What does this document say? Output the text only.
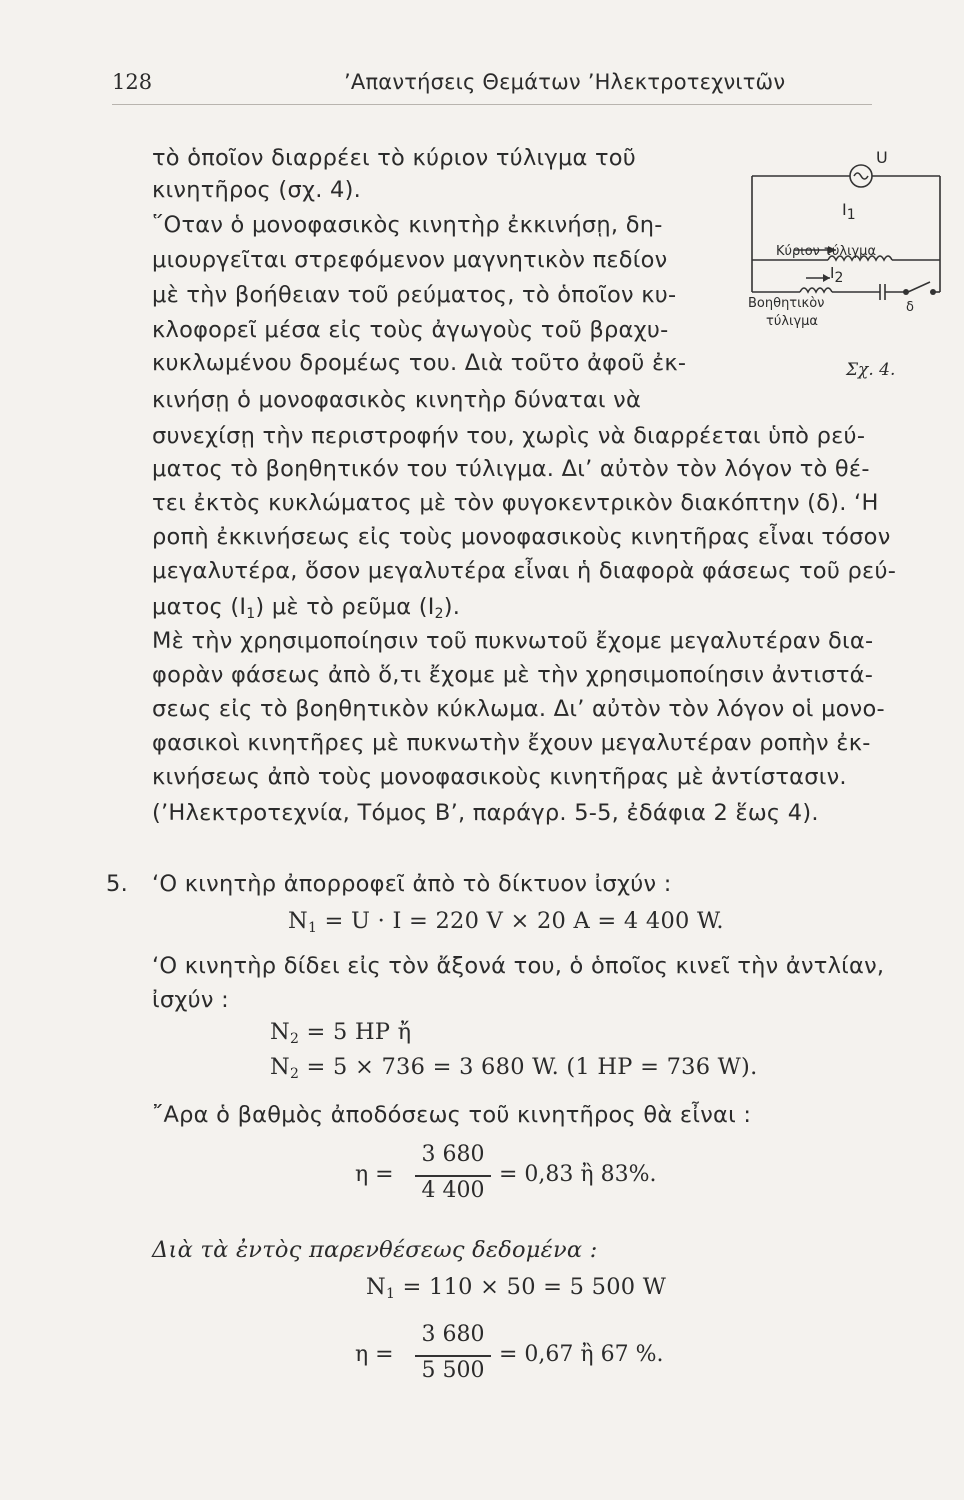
128	’Απαντήσεις Θεμάτων ’Ηλεκτροτεχνιτῶν
U
$I_1$
Κύριον τύλιγμα
$I_2$
Βοηθητικὸν
τύλιγμα
δ
Σχ. 4.
τὸ ὁποῖον διαρρέει τὸ κύριον τύλιγμα τοῦ
κινητῆρος (σχ. 4).
῞Οταν ὁ μονοφασικὸς κινητὴρ ἐκκινήσῃ, δη-
μιουργεῖται στρεφόμενον μαγνητικὸν πεδίον
μὲ τὴν βοήθειαν τοῦ ρεύματος, τὸ ὁποῖον κυ-
κλοφορεῖ μέσα εἰς τοὺς ἀγωγοὺς τοῦ βραχυ-
κυκλωμένου δρομέως του. Διὰ τοῦτο ἀφοῦ ἐκ-
κινήσῃ ὁ μονοφασικὸς κινητὴρ δύναται νὰ
συνεχίσῃ τὴν περιστροφήν του, χωρὶς νὰ διαρρέεται ὑπὸ ρεύ-
ματος τὸ βοηθητικόν του τύλιγμα. Δι’ αὐτὸν τὸν λόγον τὸ θέ-
τει ἐκτὸς κυκλώματος μὲ τὸν φυγοκεντρικὸν διακόπτην (δ). ‘Η
ροπὴ ἐκκινήσεως εἰς τοὺς μονοφασικοὺς κινητῆρας εἶναι τόσον
μεγαλυτέρα, ὅσον μεγαλυτέρα εἶναι ἡ διαφορὰ φάσεως τοῦ ρεύ-
ματος $(I_1)$ μὲ τὸ ρεῦμα $(I_2)$.
Μὲ τὴν χρησιμοποίησιν τοῦ πυκνωτοῦ ἔχομε μεγαλυτέραν δια-
φορὰν φάσεως ἀπὸ ὅ,τι ἔχομε μὲ τὴν χρησιμοποίησιν ἀντιστά-
σεως εἰς τὸ βοηθητικὸν κύκλωμα. Δι’ αὐτὸν τὸν λόγον οἱ μονο-
φασικοὶ κινητῆρες μὲ πυκνωτὴν ἔχουν μεγαλυτέραν ροπὴν ἐκ-
κινήσεως ἀπὸ τοὺς μονοφασικοὺς κινητῆρας μὲ ἀντίστασιν.
(’Ηλεκτροτεχνία, Τόμος Β’, παράγρ. 5-5, ἐδάφια 2 ἕως 4).
5. ‘Ο κινητὴρ ἀπορροφεῖ ἀπὸ τὸ δίκτυον ἰσχύν :
$N_1 = U \cdot I = 220$ V × 20 A = 4 400 W.
‘Ο κινητὴρ δίδει εἰς τὸν ἄξονά του, ὁ ὁποῖος κινεῖ τὴν ἀντλίαν,
ἰσχύν :
$N_2 = 5$ HP ἤ
$N_2 = 5 \times 736 = 3$ 680 W. (1 HP = 736 W).
῎Αρα ὁ βαθμὸς ἀποδόσεως τοῦ κινητῆρος θὰ εἶναι :
η =
3 680
4 400
= 0,83 ἢ 83%.
Διὰ τὰ ἐντὸς παρενθέσεως δεδομένα :
$N_1 = 110 \times 50 = 5$ 500 W
η =
3 680
5 500
= 0,67 ἢ 67 %.
